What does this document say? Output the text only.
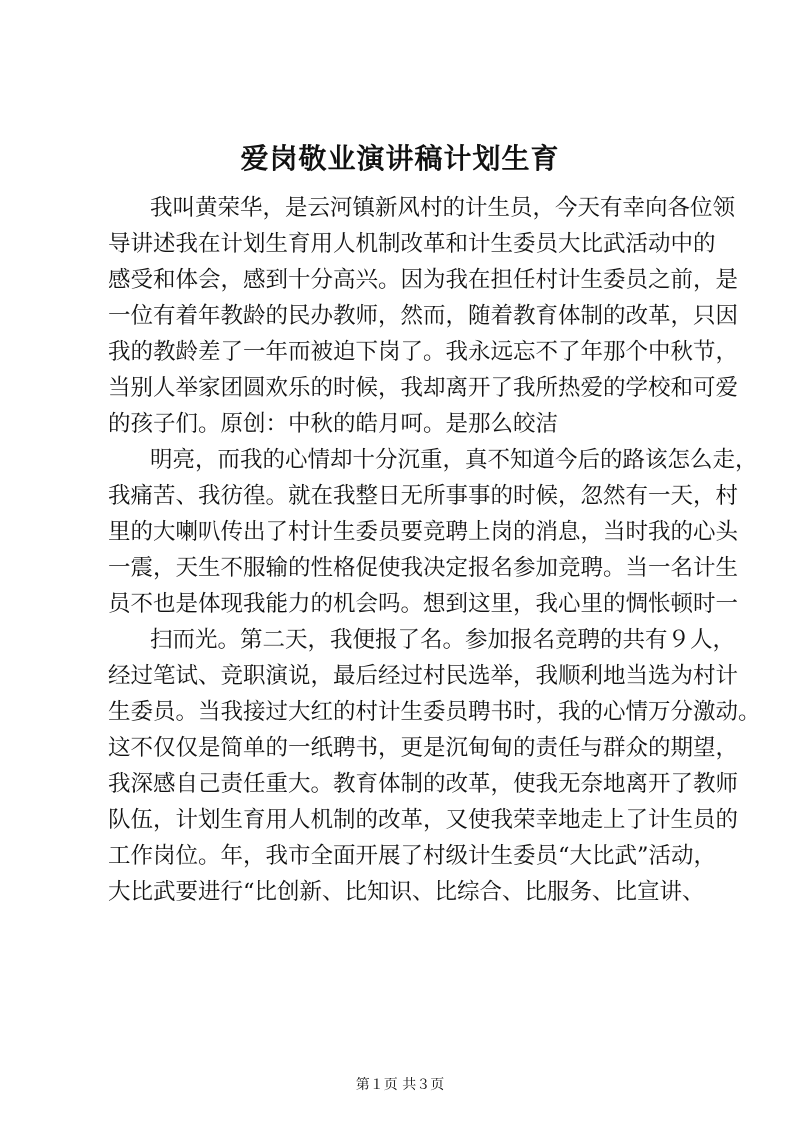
爱岗敬业演讲稿计划生育
我叫黄荣华，是云河镇新风村的计生员，今天有幸向各位领
导讲述我在计划生育用人机制改革和计生委员大比武活动中的
感受和体会，感到十分高兴。因为我在担任村计生委员之前，是
一位有着年教龄的民办教师，然而，随着教育体制的改革，只因
我的教龄差了一年而被迫下岗了。我永远忘不了年那个中秋节，
当别人举家团圆欢乐的时候，我却离开了我所热爱的学校和可爱
的孩子们。原创：中秋的皓月呵。是那么皎洁
明亮，而我的心情却十分沉重，真不知道今后的路该怎么走，
我痛苦、我彷徨。就在我整日无所事事的时候，忽然有一天，村
里的大喇叭传出了村计生委员要竞聘上岗的消息，当时我的心头
一震，天生不服输的性格促使我决定报名参加竞聘。当一名计生
员不也是体现我能力的机会吗。想到这里，我心里的惆怅顿时一
扫而光。第二天，我便报了名。参加报名竞聘的共有９人，
经过笔试、竞职演说，最后经过村民选举，我顺利地当选为村计
生委员。当我接过大红的村计生委员聘书时，我的心情万分激动。
这不仅仅是简单的一纸聘书，更是沉甸甸的责任与群众的期望，
我深感自己责任重大。教育体制的改革，使我无奈地离开了教师
队伍，计划生育用人机制的改革，又使我荣幸地走上了计生员的
工作岗位。年，我市全面开展了村级计生委员“大比武”活动，
大比武要进行“比创新、比知识、比综合、比服务、比宣讲、
第１页 共３页
